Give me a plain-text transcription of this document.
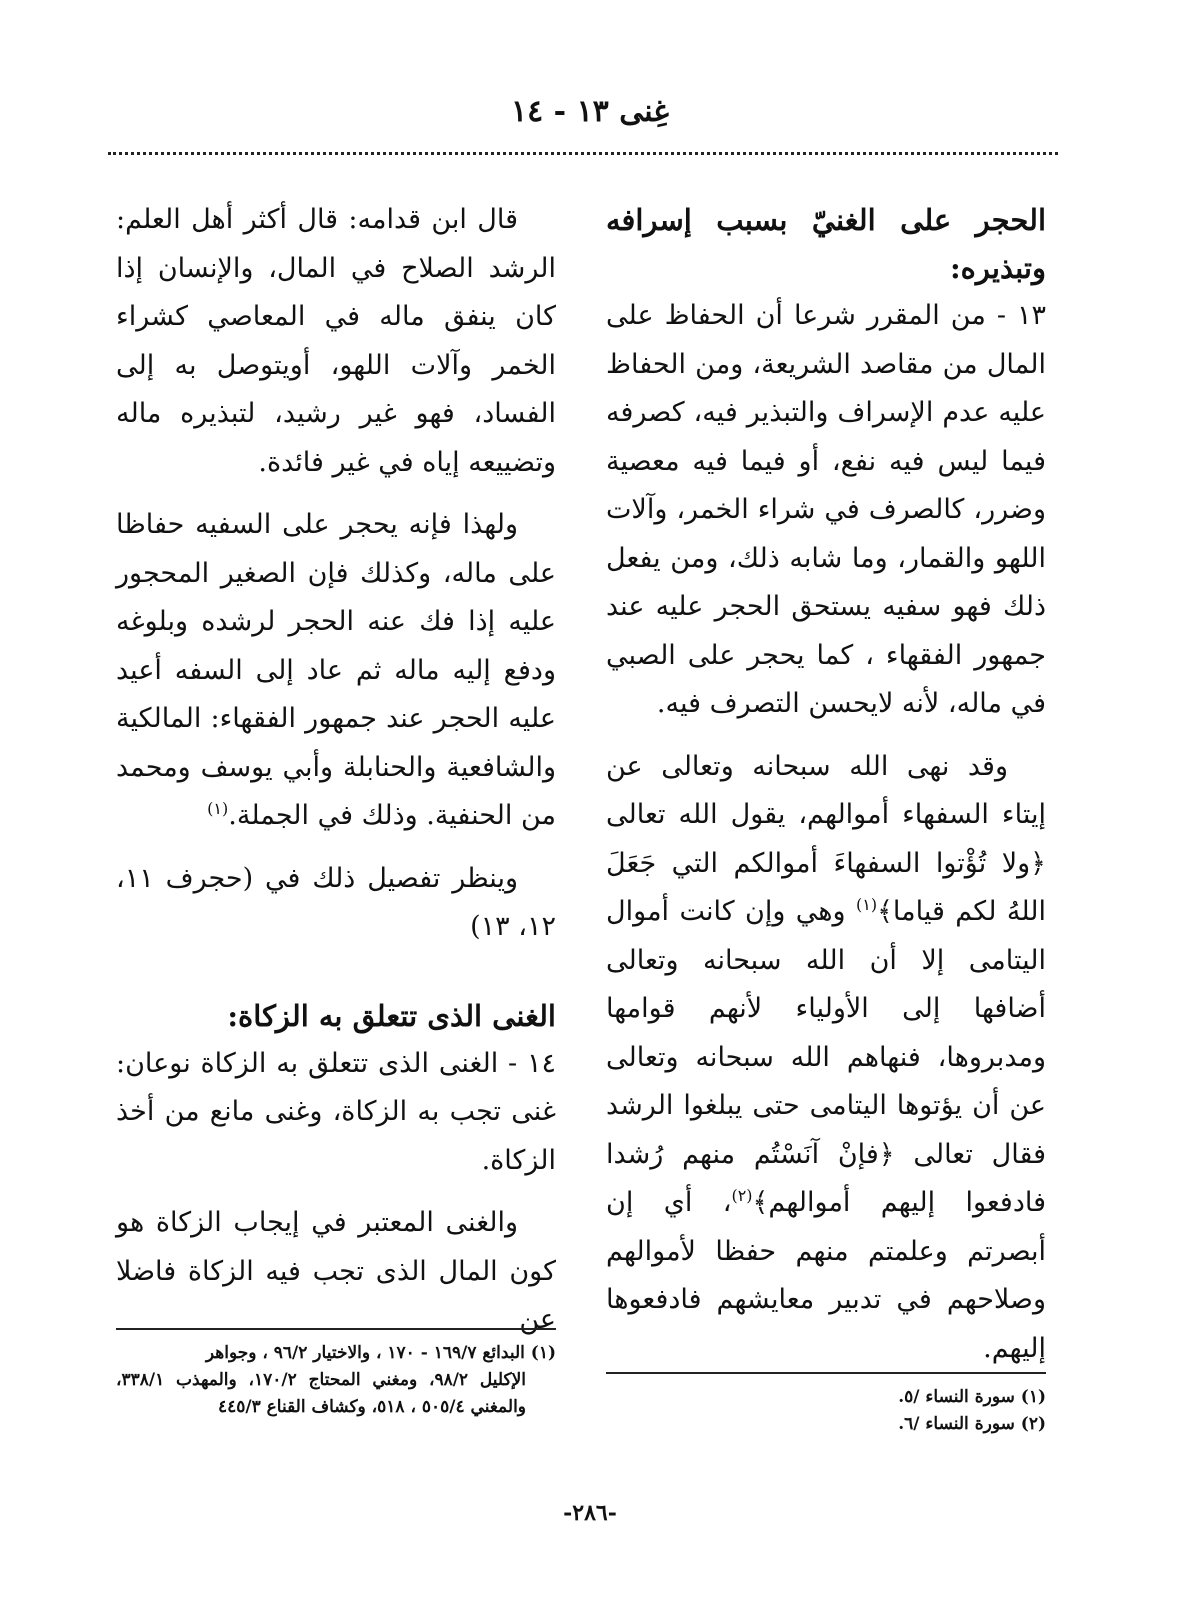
غِنى ١٣ - ١٤
الحجر على الغنيّ بسبب إسرافه وتبذيره:

١٣ - من المقرر شرعا أن الحفاظ على المال من مقاصد الشريعة، ومن الحفاظ عليه عدم الإسراف والتبذير فيه، كصرفه فيما ليس فيه نفع، أو فيما فيه معصية وضرر، كالصرف في شراء الخمر، وآلات اللهو والقمار، وما شابه ذلك، ومن يفعل ذلك فهو سفيه يستحق الحجر عليه عند جمهور الفقهاء ، كما يحجر على الصبي في ماله، لأنه لايحسن التصرف فيه.

وقد نهى الله سبحانه وتعالى عن إيتاء السفهاء أموالهم، يقول الله تعالى ﴿ولا تُؤْتوا السفهاءَ أموالكم التي جَعَلَ اللهُ لكم قياما﴾$^{(١)}$ وهي وإن كانت أموال اليتامى إلا أن الله سبحانه وتعالى أضافها إلى الأولياء لأنهم قوامها ومدبروها، فنهاهم الله سبحانه وتعالى عن أن يؤتوها اليتامى حتى يبلغوا الرشد فقال تعالى ﴿فإنْ آنَسْتُم منهم رُشدا فادفعوا إليهم أموالهم﴾$^{(٢)}$، أي إن أبصرتم وعلمتم منهم حفظا لأموالهم وصلاحهم في تدبير معايشهم فادفعوها إليهم.

قال ابن قدامه: قال أكثر أهل العلم: الرشد الصلاح في المال، والإنسان إذا كان ينفق ماله في المعاصي كشراء الخمر وآلات اللهو، أويتوصل به إلى الفساد، فهو غير رشيد، لتبذيره ماله وتضييعه إياه في غير فائدة.

ولهذا فإنه يحجر على السفيه حفاظا على ماله، وكذلك فإن الصغير المحجور عليه إذا فك عنه الحجر لرشده وبلوغه ودفع إليه ماله ثم عاد إلى السفه أعيد عليه الحجر عند جمهور الفقهاء: المالكية والشافعية والحنابلة وأبي يوسف ومحمد من الحنفية. وذلك في الجملة.$^{(١)}$

وينظر تفصيل ذلك في (حجرف ١١، ١٢، ١٣)

الغنى الذى تتعلق به الزكاة:

١٤ - الغنى الذى تتعلق به الزكاة نوعان: غنى تجب به الزكاة، وغنى مانع من أخذ الزكاة.

والغنى المعتبر في إيجاب الزكاة هو كون المال الذى تجب فيه الزكاة فاضلا عن

(١) البدائع ١٦٩/٧ - ١٧٠ ، والاختيار ٩٦/٢ ، وجواهر

الإكليل ٩٨/٢، ومغني المحتاج ١٧٠/٢، والمهذب ٣٣٨/١، والمغني ٥٠٥/٤ ، ٥١٨، وكشاف القناع ٤٤٥/٣	(١) سورة النساء /٥.

(٢) سورة النساء /٦.

-٢٨٦-
